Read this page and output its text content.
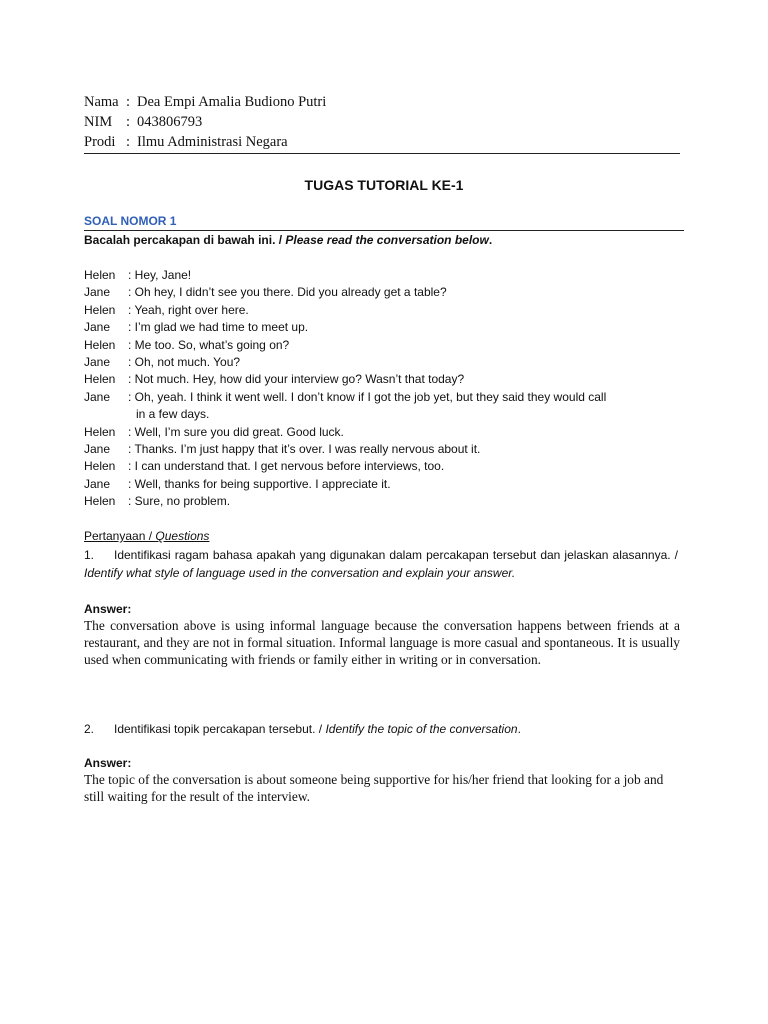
Nama : Dea Empi Amalia Budiono Putri
NIM : 043806793
Prodi : Ilmu Administrasi Negara
TUGAS TUTORIAL KE-1
SOAL NOMOR 1
Bacalah percakapan di bawah ini. / Please read the conversation below.
Helen	: Hey, Jane!
Jane	: Oh hey, I didn’t see you there. Did you already get a table?
Helen	: Yeah, right over here.
Jane	: I’m glad we had time to meet up.
Helen	: Me too. So, what’s going on?
Jane	: Oh, not much. You?
Helen	: Not much. Hey, how did your interview go? Wasn’t that today?
Jane	: Oh, yeah. I think it went well. I don’t know if I got the job yet, but they said they would call
in a few days.
Helen	: Well, I’m sure you did great. Good luck.
Jane	: Thanks. I’m just happy that it’s over. I was really nervous about it.
Helen	: I can understand that. I get nervous before interviews, too.
Jane	: Well, thanks for being supportive. I appreciate it.
Helen	: Sure, no problem.
Pertanyaan / Questions
1. Identifikasi ragam bahasa apakah yang digunakan dalam percakapan tersebut dan jelaskan alasannya. / Identify what style of language used in the conversation and explain your answer.
Answer:
The conversation above is using informal language because the conversation happens between friends at a restaurant, and they are not in formal situation. Informal language is more casual and spontaneous. It is usually used when communicating with friends or family either in writing or in conversation.
2. Identifikasi topik percakapan tersebut. / Identify the topic of the conversation.
Answer:
The topic of the conversation is about someone being supportive for his/her friend that looking for a job and still waiting for the result of the interview.
